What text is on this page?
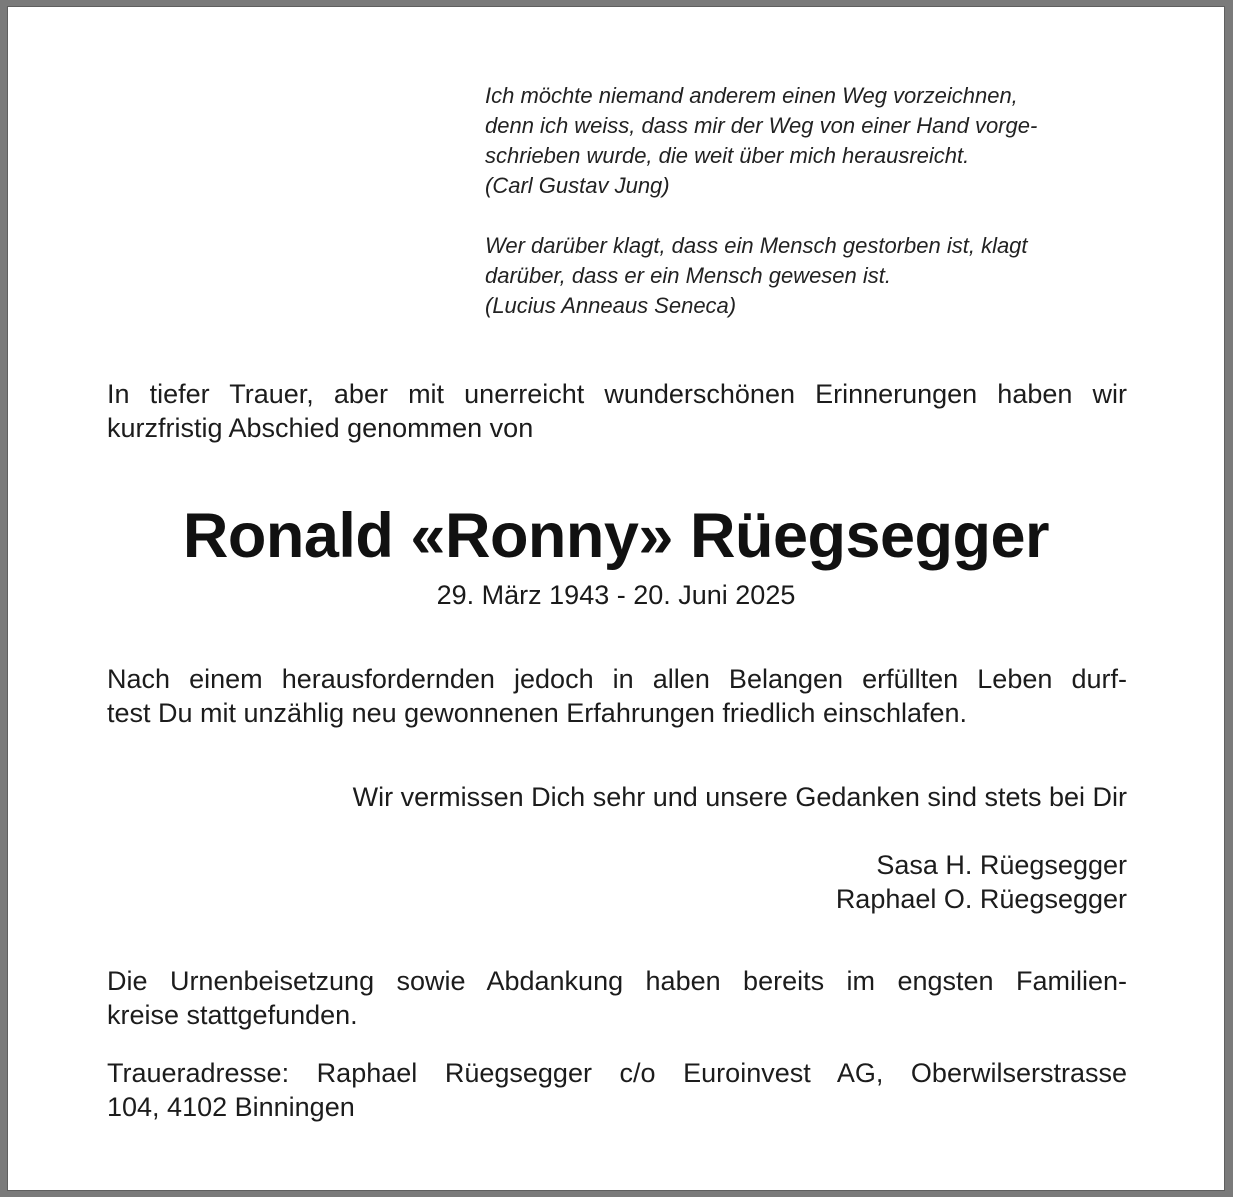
Ich möchte niemand anderem einen Weg vorzeichnen,
denn ich weiss, dass mir der Weg von einer Hand vorge-
schrieben wurde, die weit über mich herausreicht.
(Carl Gustav Jung)

Wer darüber klagt, dass ein Mensch gestorben ist, klagt
darüber, dass er ein Mensch gewesen ist.
(Lucius Anneaus Seneca)

In tiefer Trauer, aber mit unerreicht wunderschönen Erinnerungen haben wir
kurzfristig Abschied genommen von
Ronald «Ronny» Rüegsegger
29. März 1943 - 20. Juni 2025
Nach einem herausfordernden jedoch in allen Belangen erfüllten Leben durf-
test Du mit unzählig neu gewonnenen Erfahrungen friedlich einschlafen.
Wir vermissen Dich sehr und unsere Gedanken sind stets bei Dir
Sasa H. Rüegsegger
Raphael O. Rüegsegger
Die Urnenbeisetzung sowie Abdankung haben bereits im engsten Familien-
kreise stattgefunden.
Traueradresse: Raphael Rüegsegger c/o Euroinvest AG, Oberwilserstrasse
104, 4102 Binningen
